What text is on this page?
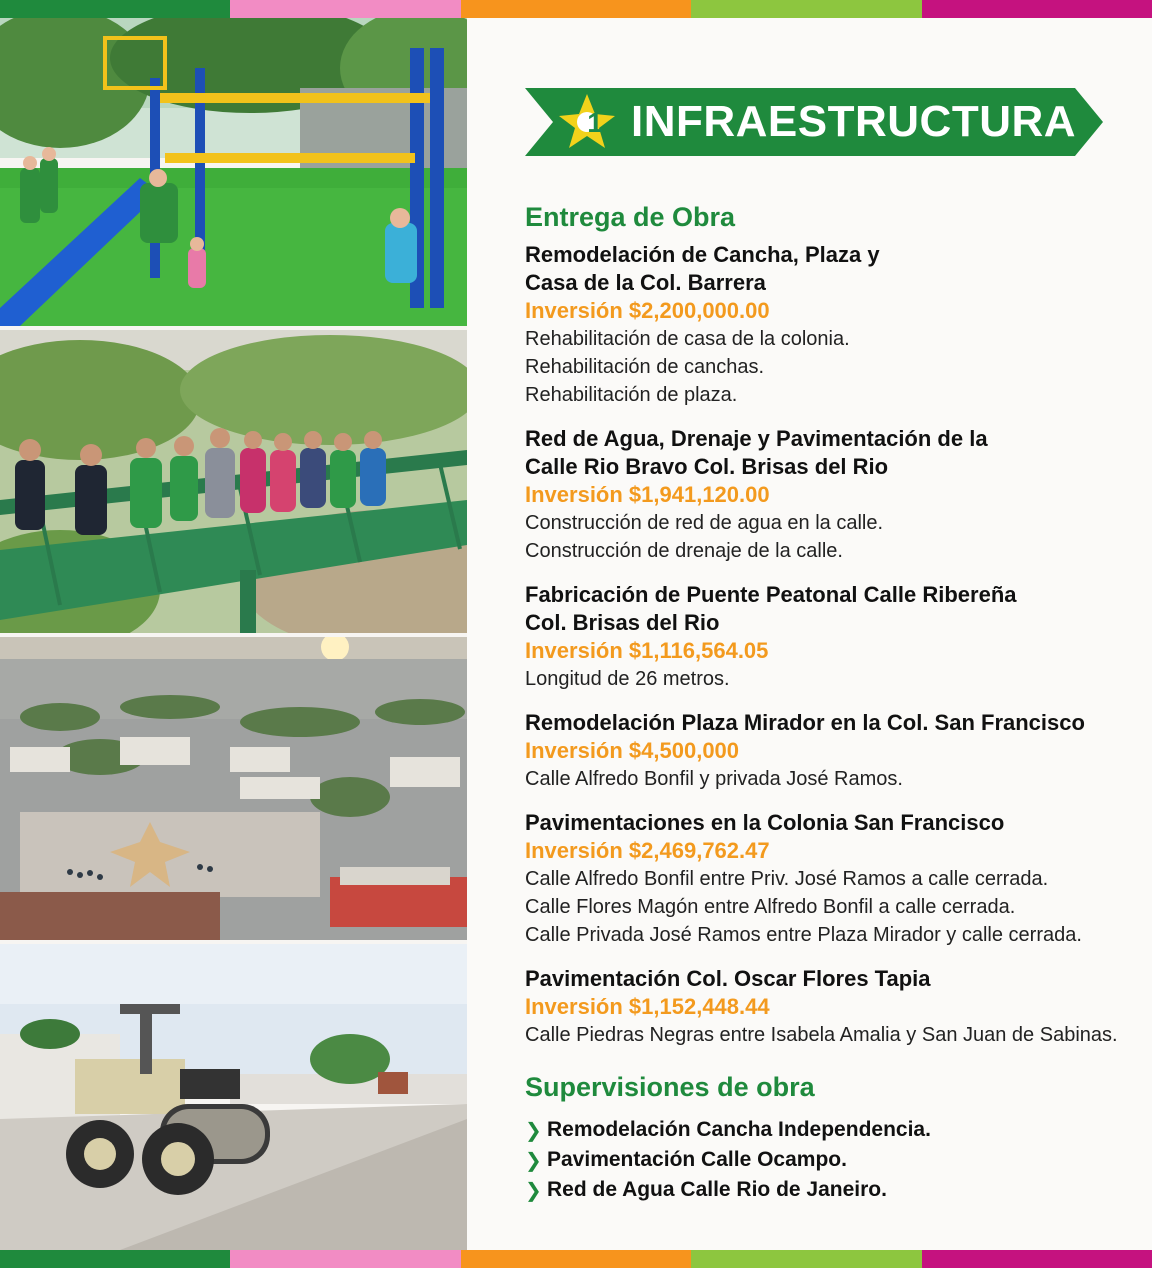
1 INFRAESTRUCTURA
Entrega de Obra
Remodelación de Cancha, Plaza y
Casa de la Col. Barrera
Inversión $2,200,000.00
Rehabilitación de casa de la colonia.
Rehabilitación de canchas.
Rehabilitación de plaza.
Red de Agua, Drenaje y Pavimentación de la
Calle Rio Bravo Col. Brisas del Rio
Inversión $1,941,120.00
Construcción de red de agua en la calle.
Construcción de drenaje de la calle.
Fabricación de Puente Peatonal Calle Ribereña
Col. Brisas del Rio
Inversión $1,116,564.05
Longitud de 26 metros.
Remodelación Plaza Mirador en la Col. San Francisco
Inversión $4,500,000
Calle Alfredo Bonfil y privada José Ramos.
Pavimentaciones en la Colonia San Francisco
Inversión $2,469,762.47
Calle Alfredo Bonfil entre Priv. José Ramos a calle cerrada.
Calle Flores Magón entre Alfredo Bonfil a calle cerrada.
Calle Privada José Ramos entre Plaza Mirador y calle cerrada.
Pavimentación Col. Oscar Flores Tapia
Inversión $1,152,448.44
Calle Piedras Negras entre Isabela Amalia y San Juan de Sabinas.
Supervisiones de obra
❯ Remodelación Cancha Independencia.
❯ Pavimentación Calle Ocampo.
❯ Red de Agua Calle Rio de Janeiro.
